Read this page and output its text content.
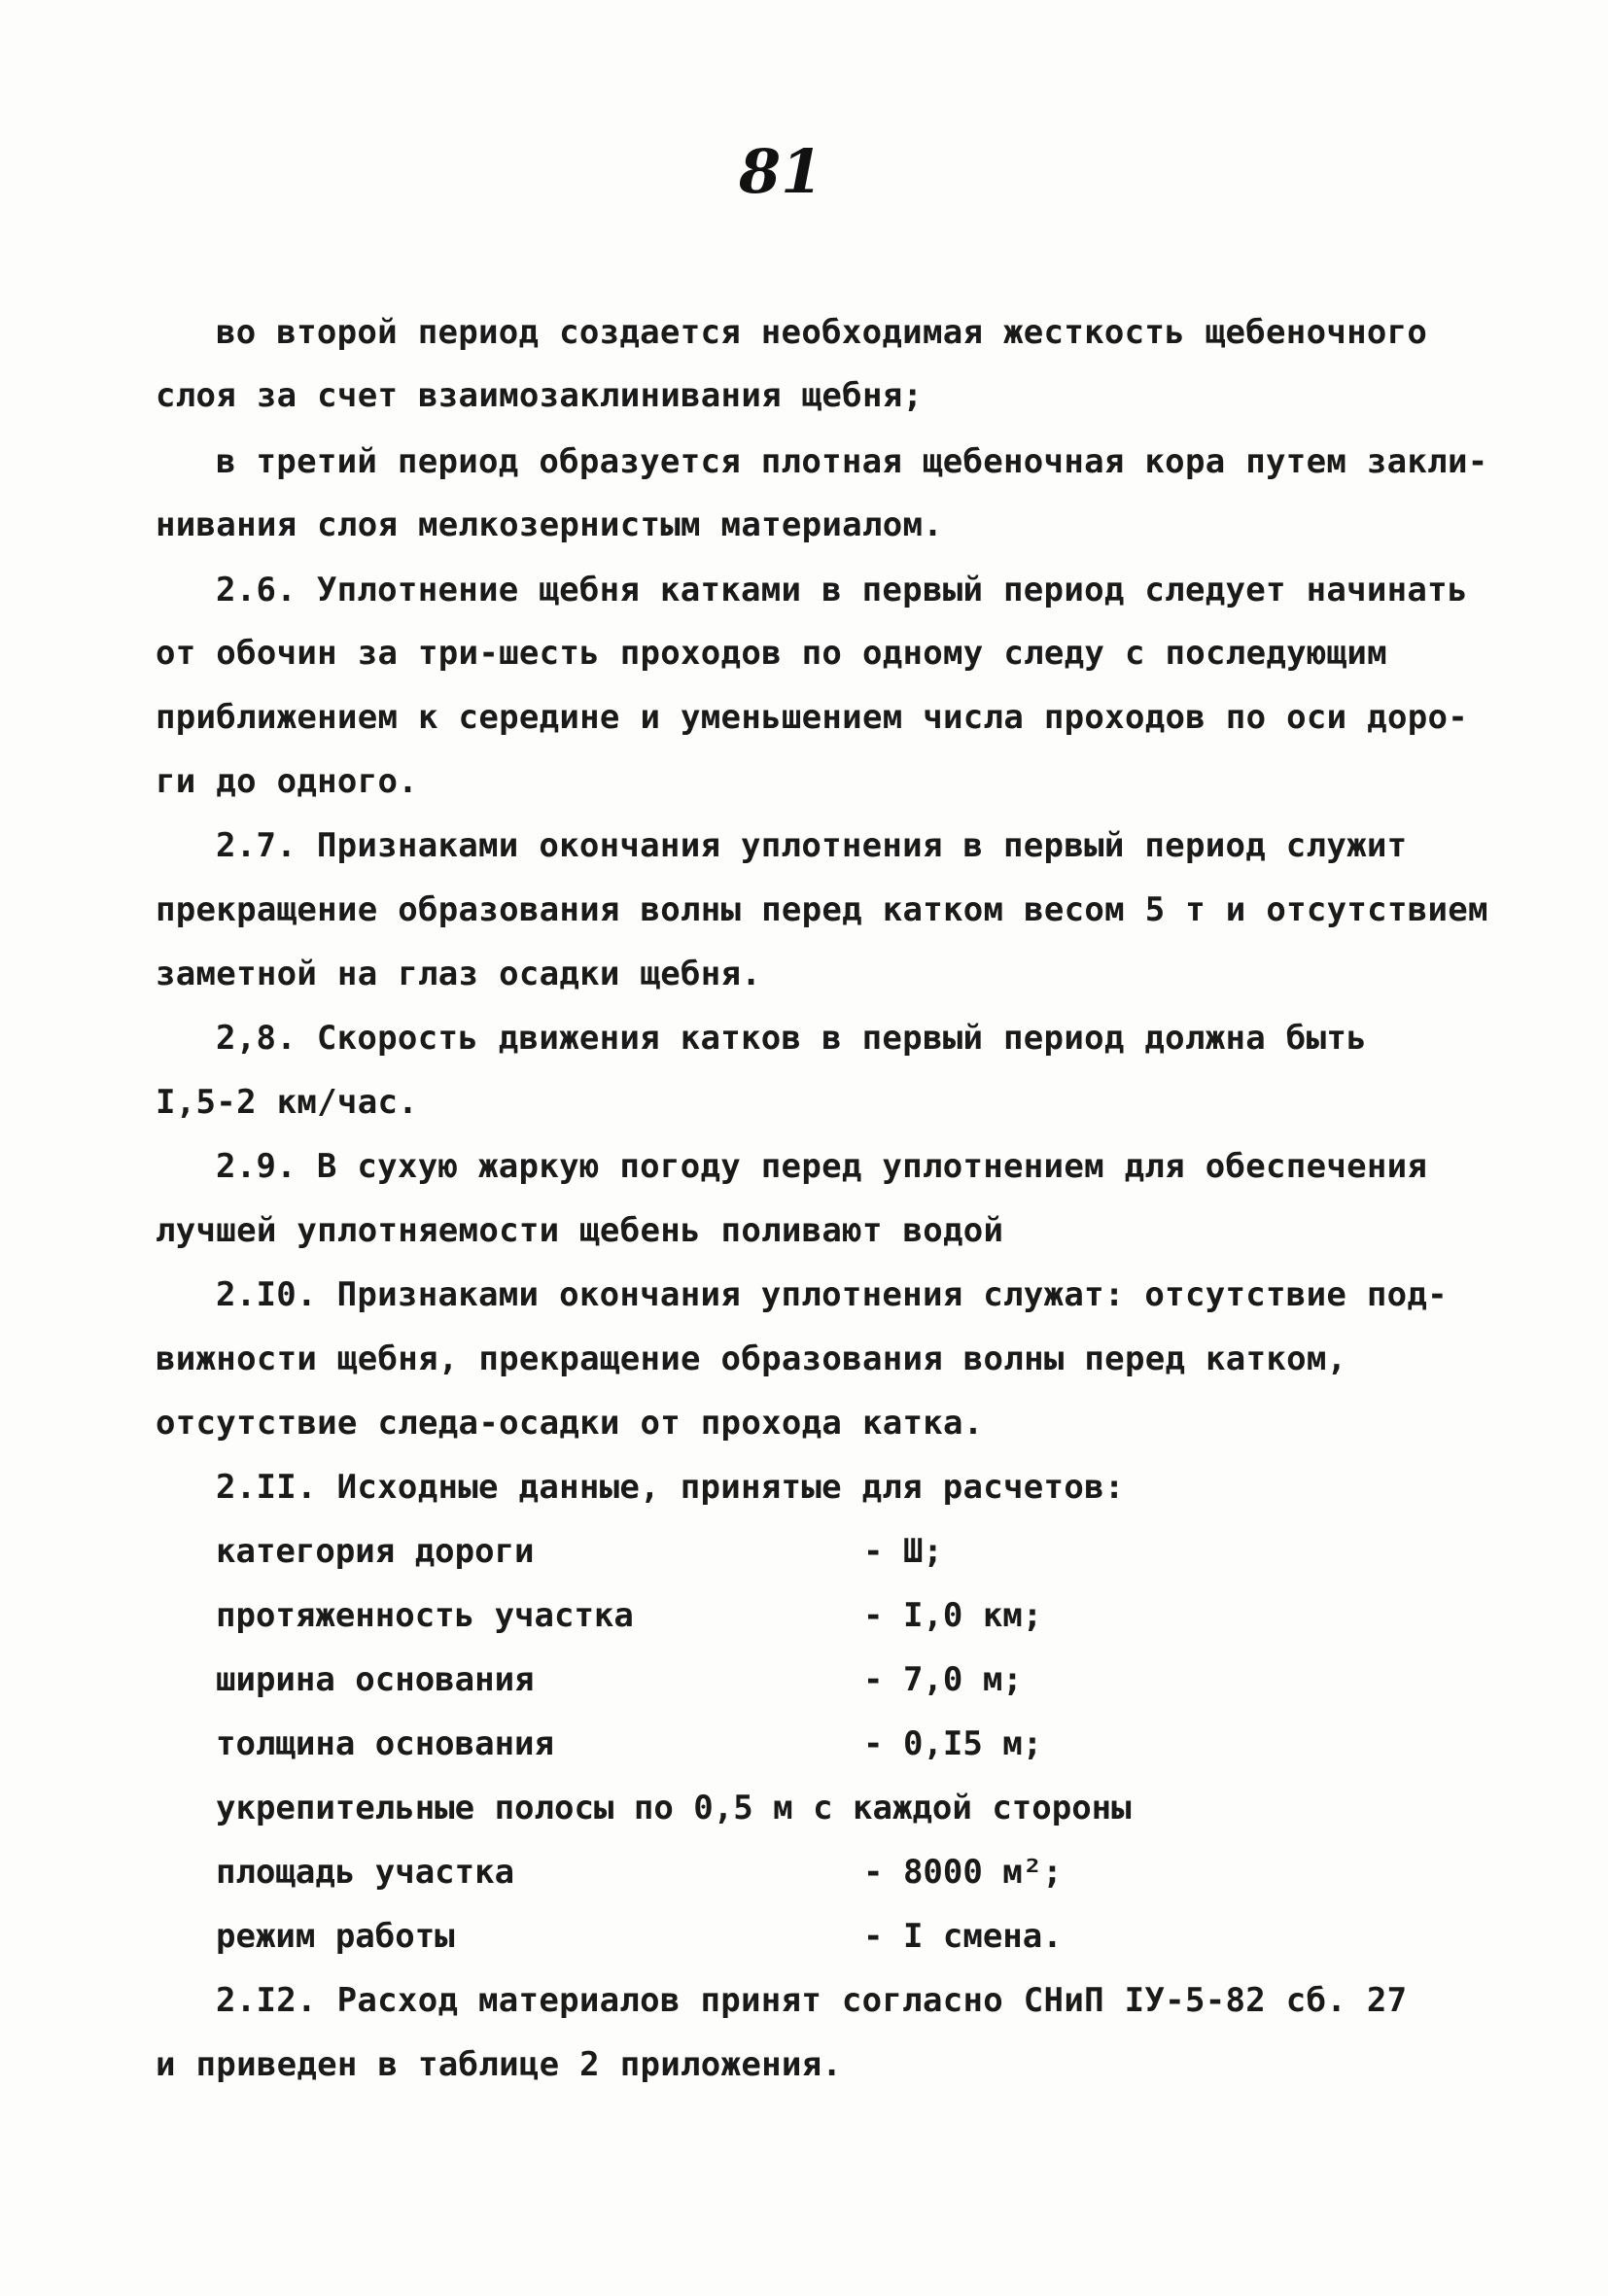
81
во второй период создается необходимая жесткость щебеночного
слоя за счет взаимозаклинивания щебня;
в третий период образуется плотная щебеночная кора путем закли-
нивания слоя мелкозернистым материалом.
2.6. Уплотнение щебня катками в первый период следует начинать
от обочин за три-шесть проходов по одному следу с последующим
приближением к середине и уменьшением числа проходов по оси доро-
ги до одного.
2.7. Признаками окончания уплотнения в первый период служит
прекращение образования волны перед катком весом 5 т и отсутствием
заметной на глаз осадки щебня.
2,8. Скорость движения катков в первый период должна быть
I,5-2 км/час.
2.9. В сухую жаркую погоду перед уплотнением для обеспечения
лучшей уплотняемости щебень поливают водой
2.I0. Признаками окончания уплотнения служат: отсутствие под-
вижности щебня, прекращение образования волны перед катком,
отсутствие следа-осадки от прохода катка.
2.II. Исходные данные, принятые для расчетов:
категория дороги	- Ш;
протяженность участка	- I,0 км;
ширина основания	- 7,0 м;
толщина основания	- 0,I5 м;
укрепительные полосы по 0,5 м с каждой стороны
площадь участка	- 8000 м²;
режим работы	- I смена.
2.I2. Расход материалов принят согласно СНиП IУ-5-82 сб. 27
и приведен в таблице 2 приложения.
